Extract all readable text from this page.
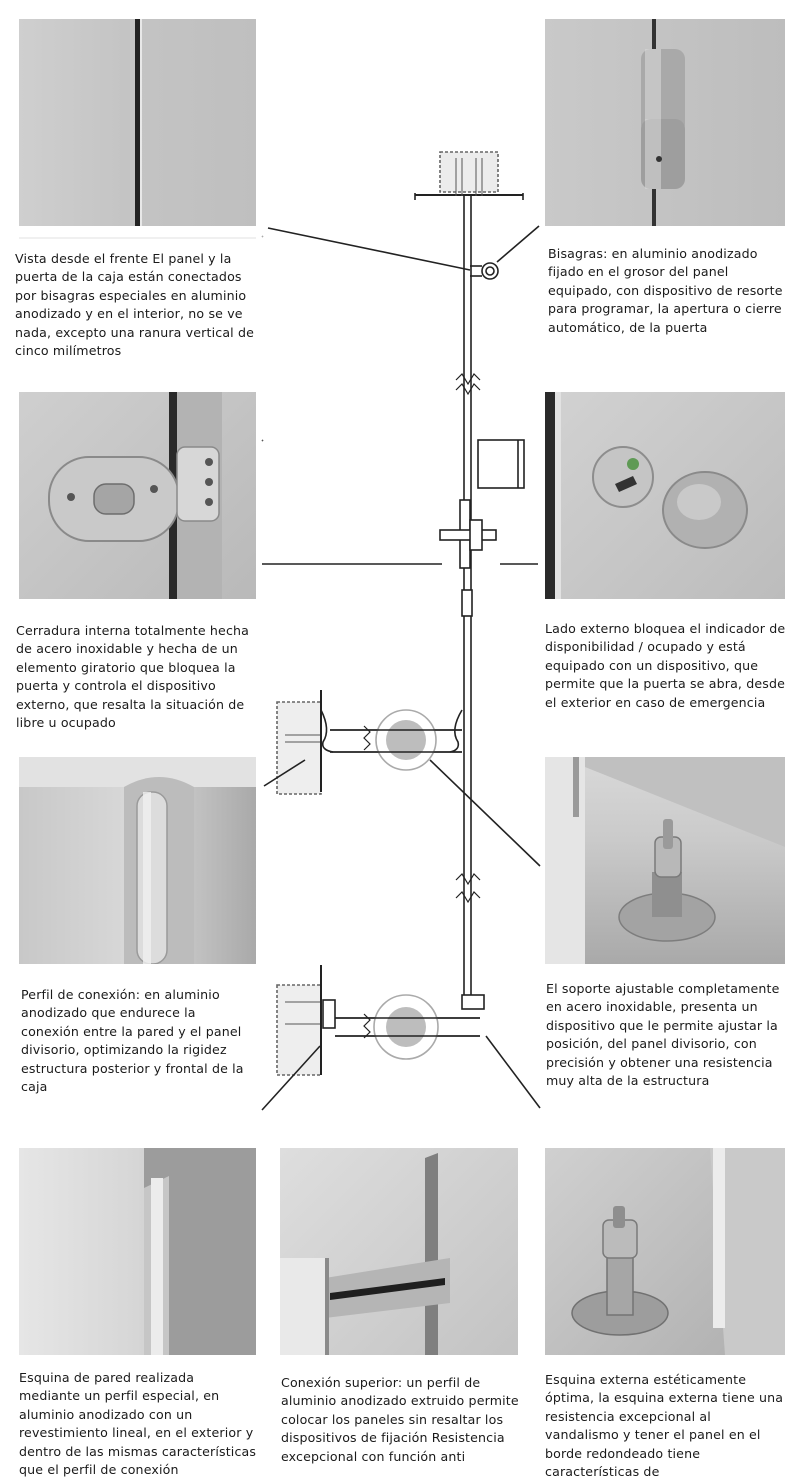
Vista desde el frente El panel y la puerta de la caja están conectados por bisagras especiales en aluminio anodizado y en el interior, no se ve nada, excepto una ranura vertical de cinco milímetros

Bisagras: en aluminio anodizado fijado en el grosor del panel equipado, con dispositivo de resorte para programar, la apertura o cierre automático, de la puerta

Cerradura interna totalmente hecha de acero inoxidable y hecha de un elemento giratorio que bloquea la puerta y controla el dispositivo externo, que resalta la situación de libre u ocupado

Lado externo bloquea el indicador de disponibilidad / ocupado y está equipado con un dispositivo, que permite que la puerta se abra, desde el exterior en caso de emergencia

Perfil de conexión: en aluminio anodizado que endurece la conexión entre la pared y el panel divisorio, optimizando la rigidez estructura posterior y frontal de la caja

El soporte ajustable completamente en acero inoxidable, presenta un dispositivo que le permite ajustar la posición, del panel divisorio, con precisión y obtener una resistencia muy alta de la estructura

Esquina de pared realizada mediante un perfil especial, en aluminio anodizado con un revestimiento lineal, en el exterior y dentro de las mismas características que el perfil de conexión

Conexión superior: un perfil de aluminio anodizado extruido permite colocar los paneles sin resaltar los dispositivos de fijación Resistencia excepcional con función anti

Esquina externa estéticamente óptima, la esquina externa tiene una resistencia excepcional al vandalismo y tener el panel en el borde redondeado tiene características de
